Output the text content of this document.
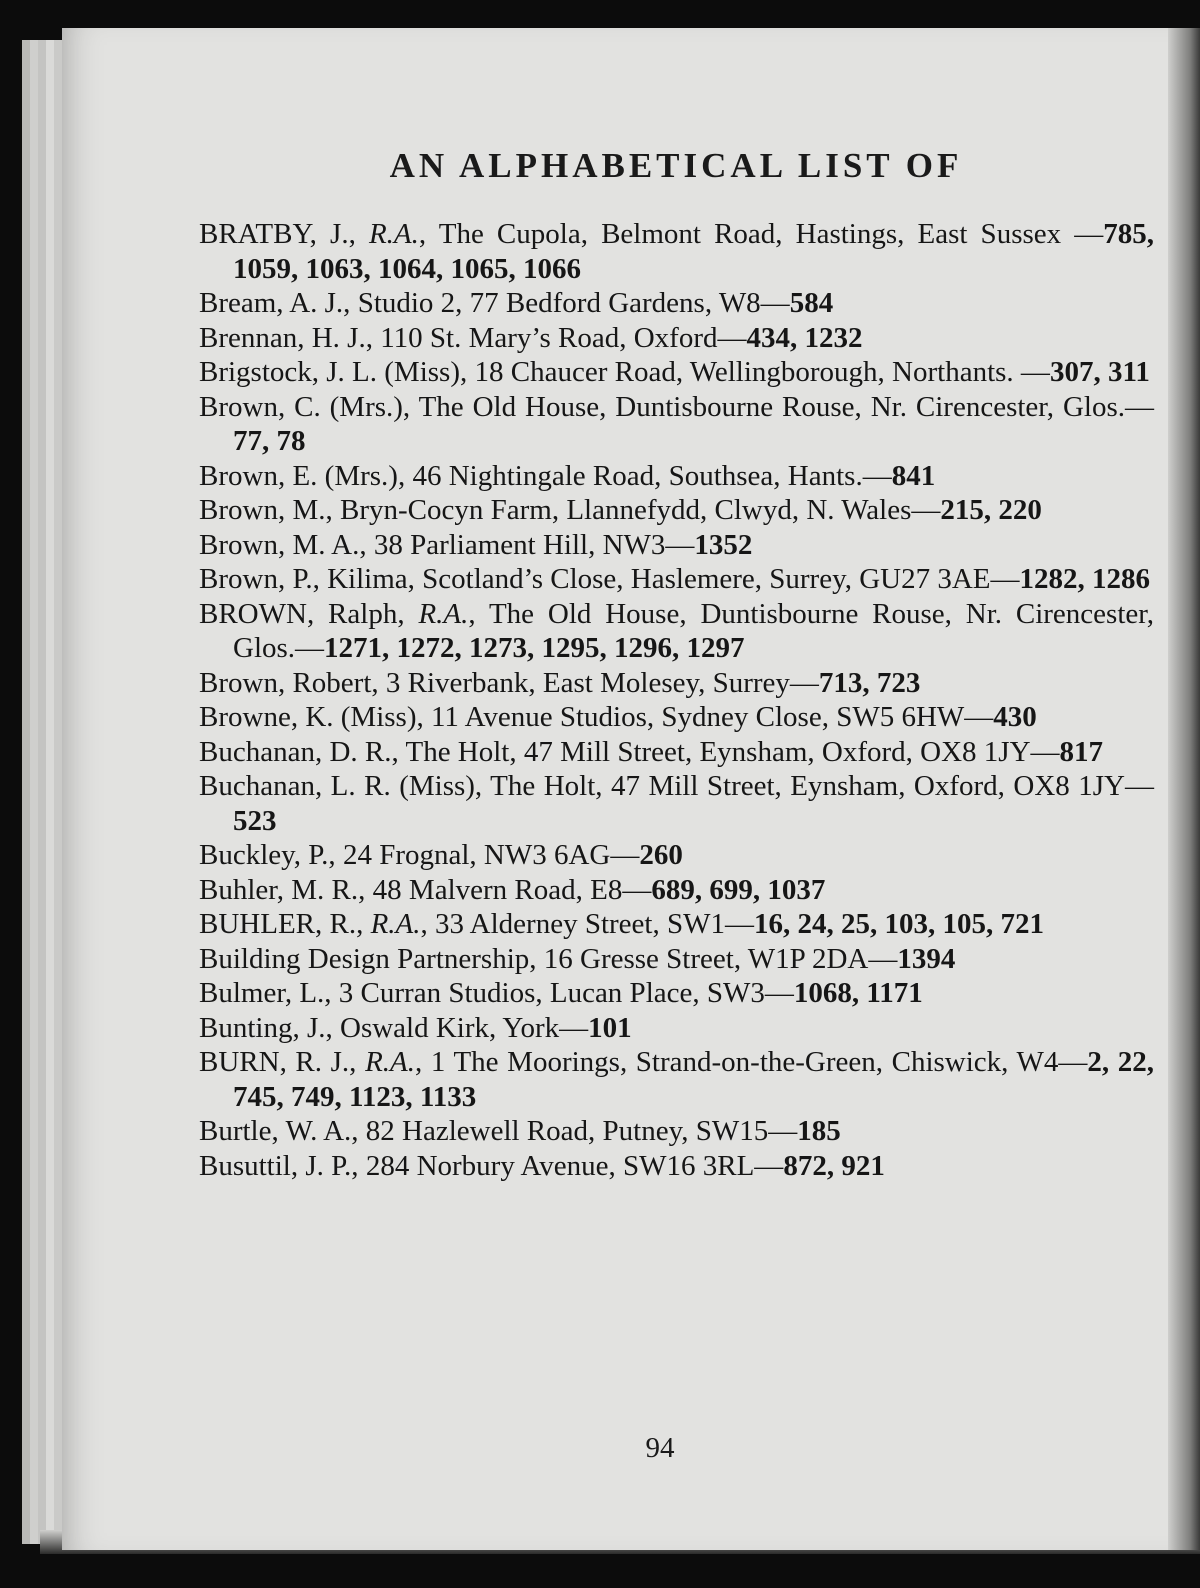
AN ALPHABETICAL LIST OF

BRATBY, J., R.A., The Cupola, Belmont Road, Hastings, East Sussex —785, 1059, 1063, 1064, 1065, 1066

Bream, A. J., Studio 2, 77 Bedford Gardens, W8—584

Brennan, H. J., 110 St. Mary’s Road, Oxford—434, 1232

Brigstock, J. L. (Miss), 18 Chaucer Road, Wellingborough, Northants. —307, 311

Brown, C. (Mrs.), The Old House, Duntisbourne Rouse, Nr. Cirencester, Glos.—77, 78

Brown, E. (Mrs.), 46 Nightingale Road, Southsea, Hants.—841

Brown, M., Bryn-Cocyn Farm, Llannefydd, Clwyd, N. Wales—215, 220

Brown, M. A., 38 Parliament Hill, NW3—1352

Brown, P., Kilima, Scotland’s Close, Haslemere, Surrey, GU27 3AE—1282, 1286

BROWN, Ralph, R.A., The Old House, Duntisbourne Rouse, Nr. Cirencester, Glos.—1271, 1272, 1273, 1295, 1296, 1297

Brown, Robert, 3 Riverbank, East Molesey, Surrey—713, 723

Browne, K. (Miss), 11 Avenue Studios, Sydney Close, SW5 6HW—430

Buchanan, D. R., The Holt, 47 Mill Street, Eynsham, Oxford, OX8 1JY—817

Buchanan, L. R. (Miss), The Holt, 47 Mill Street, Eynsham, Oxford, OX8 1JY—523

Buckley, P., 24 Frognal, NW3 6AG—260

Buhler, M. R., 48 Malvern Road, E8—689, 699, 1037

BUHLER, R., R.A., 33 Alderney Street, SW1—16, 24, 25, 103, 105, 721

Building Design Partnership, 16 Gresse Street, W1P 2DA—1394

Bulmer, L., 3 Curran Studios, Lucan Place, SW3—1068, 1171

Bunting, J., Oswald Kirk, York—101

BURN, R. J., R.A., 1 The Moorings, Strand-on-the-Green, Chiswick, W4—2, 22, 745, 749, 1123, 1133

Burtle, W. A., 82 Hazlewell Road, Putney, SW15—185

Busuttil, J. P., 284 Norbury Avenue, SW16 3RL—872, 921

94
